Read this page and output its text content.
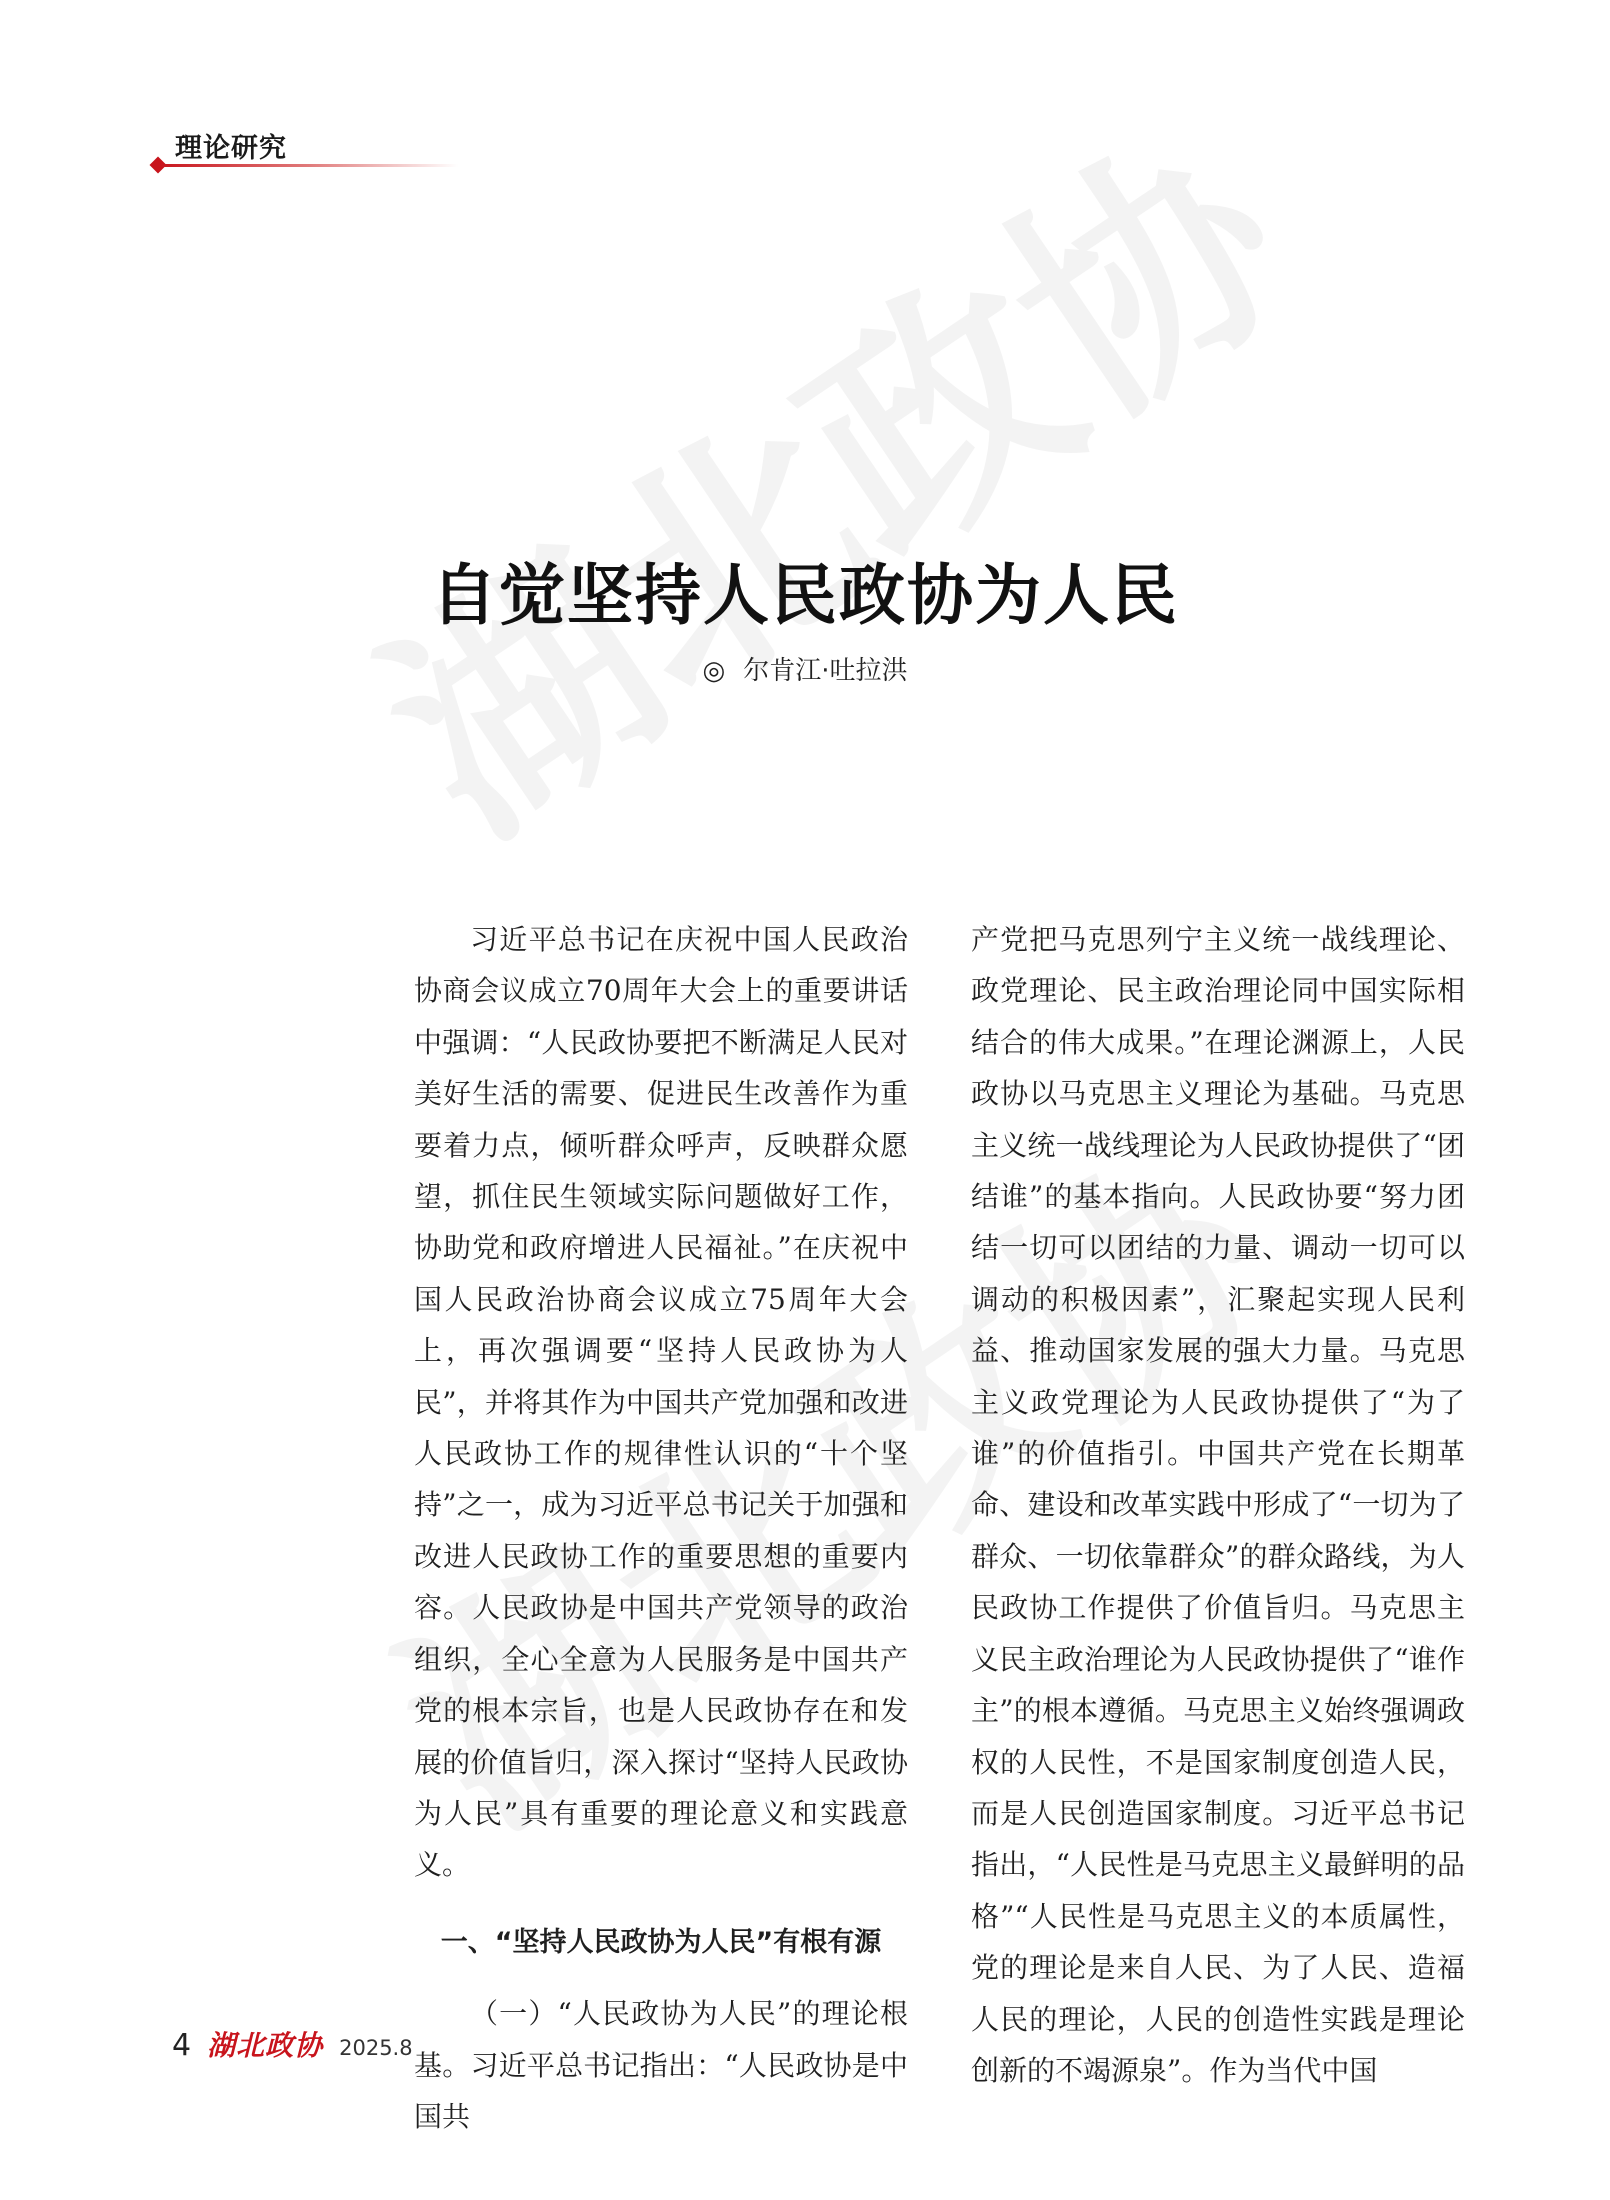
理论研究
自觉坚持人民政协为人民
◎ 尔肯江·吐拉洪

习近平总书记在庆祝中国人民政治协商会议成立70周年大会上的重要讲话中强调：“人民政协要把不断满足人民对美好生活的需要、促进民生改善作为重要着力点，倾听群众呼声，反映群众愿望，抓住民生领域实际问题做好工作，协助党和政府增进人民福祉。”在庆祝中国人民政治协商会议成立75周年大会上，再次强调要“坚持人民政协为人民”，并将其作为中国共产党加强和改进人民政协工作的规律性认识的“十个坚持”之一，成为习近平总书记关于加强和改进人民政协工作的重要思想的重要内容。人民政协是中国共产党领导的政治组织，全心全意为人民服务是中国共产党的根本宗旨，也是人民政协存在和发展的价值旨归，深入探讨“坚持人民政协为人民”具有重要的理论意义和实践意义。

一、“坚持人民政协为人民”有根有源

（一）“人民政协为人民”的理论根基。习近平总书记指出：“人民政协是中国共

产党把马克思列宁主义统一战线理论、政党理论、民主政治理论同中国实际相结合的伟大成果。”在理论渊源上，人民政协以马克思主义理论为基础。马克思主义统一战线理论为人民政协提供了“团结谁”的基本指向。人民政协要“努力团结一切可以团结的力量、调动一切可以调动的积极因素”，汇聚起实现人民利益、推动国家发展的强大力量。马克思主义政党理论为人民政协提供了“为了谁”的价值指引。中国共产党在长期革命、建设和改革实践中形成了“一切为了群众、一切依靠群众”的群众路线，为人民政协工作提供了价值旨归。马克思主义民主政治理论为人民政协提供了“谁作主”的根本遵循。马克思主义始终强调政权的人民性，不是国家制度创造人民，而是人民创造国家制度。习近平总书记指出，“人民性是马克思主义最鲜明的品格”“人民性是马克思主义的本质属性，党的理论是来自人民、为了人民、造福人民的理论，人民的创造性实践是理论创新的不竭源泉”。作为当代中国

4 湖北政协 2025.8
